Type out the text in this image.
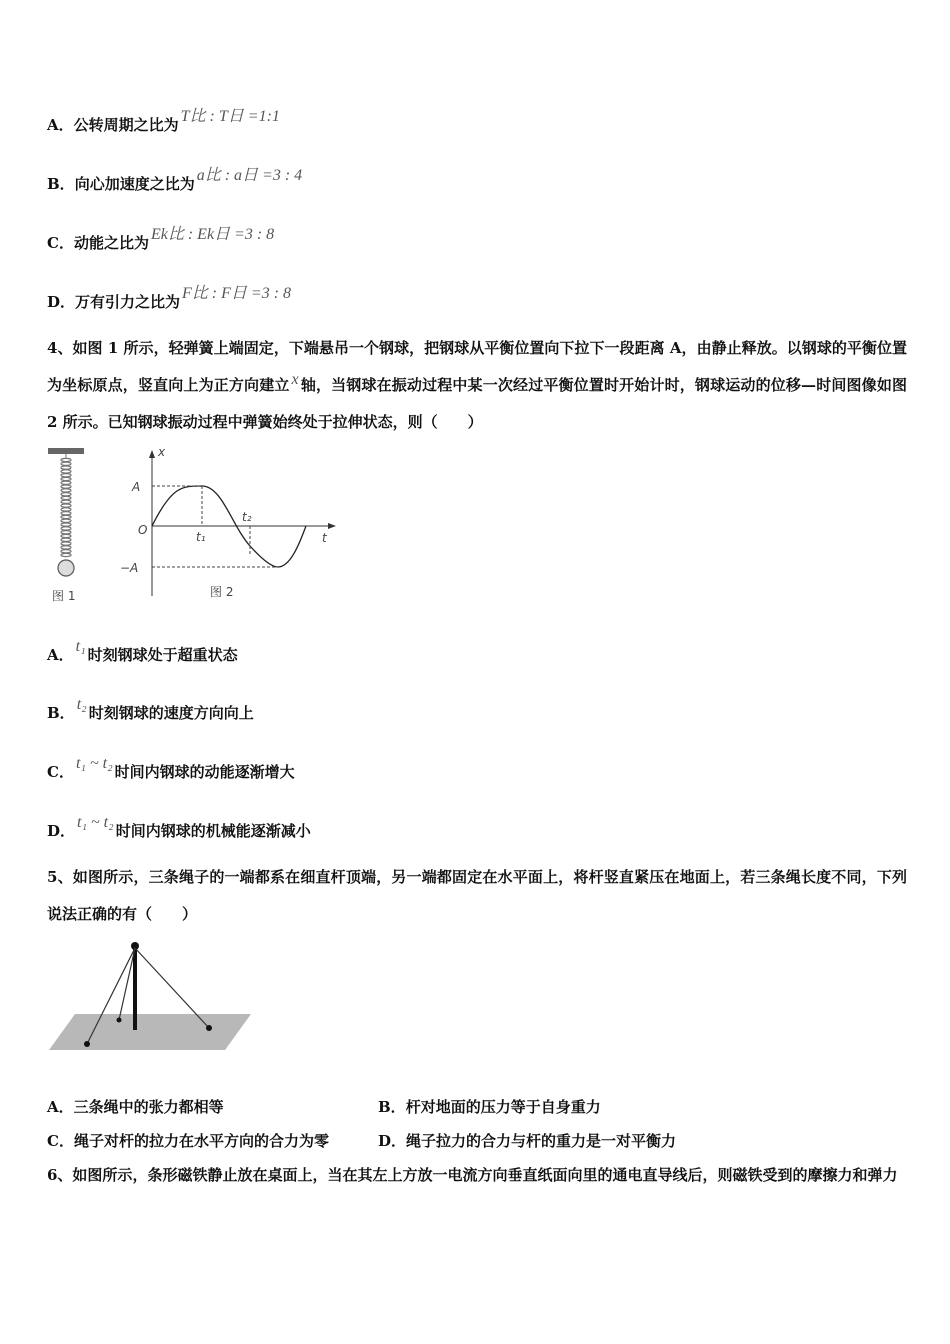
A．公转周期之比为 T比 : T日 =1:1
B．向心加速度之比为 a比 : a日 =3 : 4
C．动能之比为 Ek比 : Ek日 =3 : 8
D．万有引力之比为 F比 : F日 =3 : 8
4、如图 1 所示，轻弹簧上端固定，下端悬吊一个钢球，把钢球从平衡位置向下拉下一段距离 A，由静止释放。以钢球的平衡位置为坐标原点，竖直向上为正方向建立 x 轴，当钢球在振动过程中某一次经过平衡位置时开始计时，钢球运动的位移—时间图像如图 2 所示。已知钢球振动过程中弹簧始终处于拉伸状态，则（　　）
图 1
x
A
O
−A
t₁
t₂
t
图 2
A． t₁ 时刻钢球处于超重状态
B． t₂ 时刻钢球的速度方向向上
C． t₁ ~ t₂ 时间内钢球的动能逐渐增大
D． t₁ ~ t₂ 时间内钢球的机械能逐渐减小
5、如图所示，三条绳子的一端都系在细直杆顶端，另一端都固定在水平面上，将杆竖直紧压在地面上，若三条绳长度不同，下列说法正确的有（　　）
A．三条绳中的张力都相等	B．杆对地面的压力等于自身重力
C．绳子对杆的拉力在水平方向的合力为零	D．绳子拉力的合力与杆的重力是一对平衡力
6、如图所示，条形磁铁静止放在桌面上，当在其左上方放一电流方向垂直纸面向里的通电直导线后，则磁铁受到的摩擦力和弹力
